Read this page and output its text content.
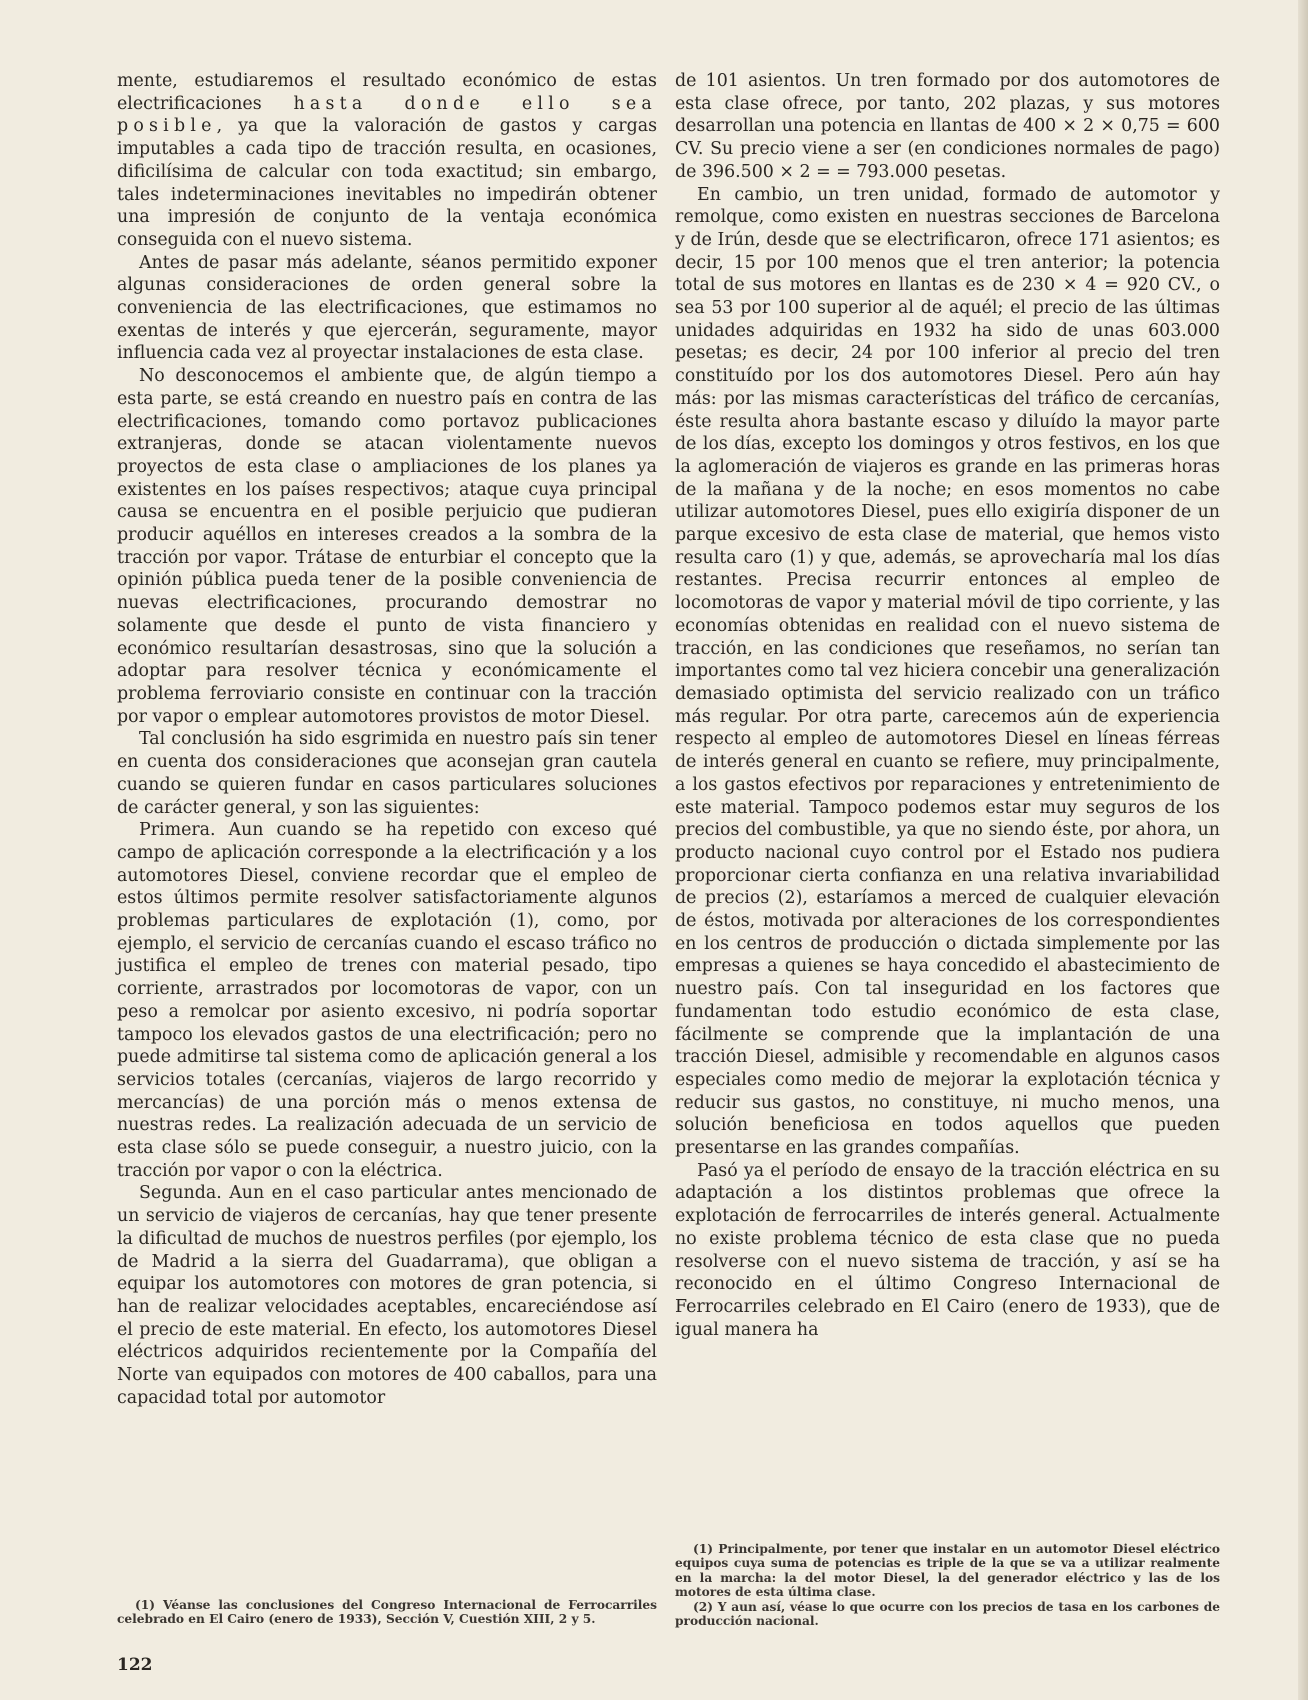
mente, estudiaremos el resultado económico de estas electrificaciones hasta donde ello sea posible, ya que la valoración de gastos y cargas imputables a cada tipo de tracción resulta, en ocasiones, dificilísima de calcular con toda exactitud; sin embargo, tales indeterminaciones inevitables no impedirán obtener una impresión de conjunto de la ventaja económica conseguida con el nuevo sistema.

Antes de pasar más adelante, séanos permitido exponer algunas consideraciones de orden general sobre la conveniencia de las electrificaciones, que estimamos no exentas de interés y que ejercerán, seguramente, mayor influencia cada vez al proyectar instalaciones de esta clase.

No desconocemos el ambiente que, de algún tiempo a esta parte, se está creando en nuestro país en contra de las electrificaciones, tomando como portavoz publicaciones extranjeras, donde se atacan violentamente nuevos proyectos de esta clase o ampliaciones de los planes ya existentes en los países respectivos; ataque cuya principal causa se encuentra en el posible perjuicio que pudieran producir aquéllos en intereses creados a la sombra de la tracción por vapor. Trátase de enturbiar el concepto que la opinión pública pueda tener de la posible conveniencia de nuevas electrificaciones, procurando demostrar no solamente que desde el punto de vista financiero y económico resultarían desastrosas, sino que la solución a adoptar para resolver técnica y económicamente el problema ferroviario consiste en continuar con la tracción por vapor o emplear automotores provistos de motor Diesel.

Tal conclusión ha sido esgrimida en nuestro país sin tener en cuenta dos consideraciones que aconsejan gran cautela cuando se quieren fundar en casos particulares soluciones de carácter general, y son las siguientes:

Primera. Aun cuando se ha repetido con exceso qué campo de aplicación corresponde a la electrificación y a los automotores Diesel, conviene recordar que el empleo de estos últimos permite resolver satisfactoriamente algunos problemas particulares de explotación (1), como, por ejemplo, el servicio de cercanías cuando el escaso tráfico no justifica el empleo de trenes con material pesado, tipo corriente, arrastrados por locomotoras de vapor, con un peso a remolcar por asiento excesivo, ni podría soportar tampoco los elevados gastos de una electrificación; pero no puede admitirse tal sistema como de aplicación general a los servicios totales (cercanías, viajeros de largo recorrido y mercancías) de una porción más o menos extensa de nuestras redes. La realización adecuada de un servicio de esta clase sólo se puede conseguir, a nuestro juicio, con la tracción por vapor o con la eléctrica.

Segunda. Aun en el caso particular antes mencionado de un servicio de viajeros de cercanías, hay que tener presente la dificultad de muchos de nuestros perfiles (por ejemplo, los de Madrid a la sierra del Guadarrama), que obligan a equipar los automotores con motores de gran potencia, si han de realizar velocidades aceptables, encareciéndose así el precio de este material. En efecto, los automotores Diesel eléctricos adquiridos recientemente por la Compañía del Norte van equipados con motores de 400 caballos, para una capacidad total por automotor

de 101 asientos. Un tren formado por dos automotores de esta clase ofrece, por tanto, 202 plazas, y sus motores desarrollan una potencia en llantas de 400 × 2 × 0,75 = 600 CV. Su precio viene a ser (en condiciones normales de pago) de 396.500 × 2 = = 793.000 pesetas.

En cambio, un tren unidad, formado de automotor y remolque, como existen en nuestras secciones de Barcelona y de Irún, desde que se electrificaron, ofrece 171 asientos; es decir, 15 por 100 menos que el tren anterior; la potencia total de sus motores en llantas es de 230 × 4 = 920 CV., o sea 53 por 100 superior al de aquél; el precio de las últimas unidades adquiridas en 1932 ha sido de unas 603.000 pesetas; es decir, 24 por 100 inferior al precio del tren constituído por los dos automotores Diesel. Pero aún hay más: por las mismas características del tráfico de cercanías, éste resulta ahora bastante escaso y diluído la mayor parte de los días, excepto los domingos y otros festivos, en los que la aglomeración de viajeros es grande en las primeras horas de la mañana y de la noche; en esos momentos no cabe utilizar automotores Diesel, pues ello exigiría disponer de un parque excesivo de esta clase de material, que hemos visto resulta caro (1) y que, además, se aprovecharía mal los días restantes. Precisa recurrir entonces al empleo de locomotoras de vapor y material móvil de tipo corriente, y las economías obtenidas en realidad con el nuevo sistema de tracción, en las condiciones que reseñamos, no serían tan importantes como tal vez hiciera concebir una generalización demasiado optimista del servicio realizado con un tráfico más regular. Por otra parte, carecemos aún de experiencia respecto al empleo de automotores Diesel en líneas férreas de interés general en cuanto se refiere, muy principalmente, a los gastos efectivos por reparaciones y entretenimiento de este material. Tampoco podemos estar muy seguros de los precios del combustible, ya que no siendo éste, por ahora, un producto nacional cuyo control por el Estado nos pudiera proporcionar cierta confianza en una relativa invariabilidad de precios (2), estaríamos a merced de cualquier elevación de éstos, motivada por alteraciones de los correspondientes en los centros de producción o dictada simplemente por las empresas a quienes se haya concedido el abastecimiento de nuestro país. Con tal inseguridad en los factores que fundamentan todo estudio económico de esta clase, fácilmente se comprende que la implantación de una tracción Diesel, admisible y recomendable en algunos casos especiales como medio de mejorar la explotación técnica y reducir sus gastos, no constituye, ni mucho menos, una solución beneficiosa en todos aquellos que pueden presentarse en las grandes compañías.

Pasó ya el período de ensayo de la tracción eléctrica en su adaptación a los distintos problemas que ofrece la explotación de ferrocarriles de interés general. Actualmente no existe problema técnico de esta clase que no pueda resolverse con el nuevo sistema de tracción, y así se ha reconocido en el último Congreso Internacional de Ferrocarriles celebrado en El Cairo (enero de 1933), que de igual manera ha

(1) Véanse las conclusiones del Congreso Internacional de Ferrocarriles celebrado en El Cairo (enero de 1933), Sección V, Cuestión XIII, 2 y 5.

(1) Principalmente, por tener que instalar en un automotor Diesel eléctrico equipos cuya suma de potencias es triple de la que se va a utilizar realmente en la marcha: la del motor Diesel, la del generador eléctrico y las de los motores de esta última clase.

(2) Y aun así, véase lo que ocurre con los precios de tasa en los carbones de producción nacional.

122
